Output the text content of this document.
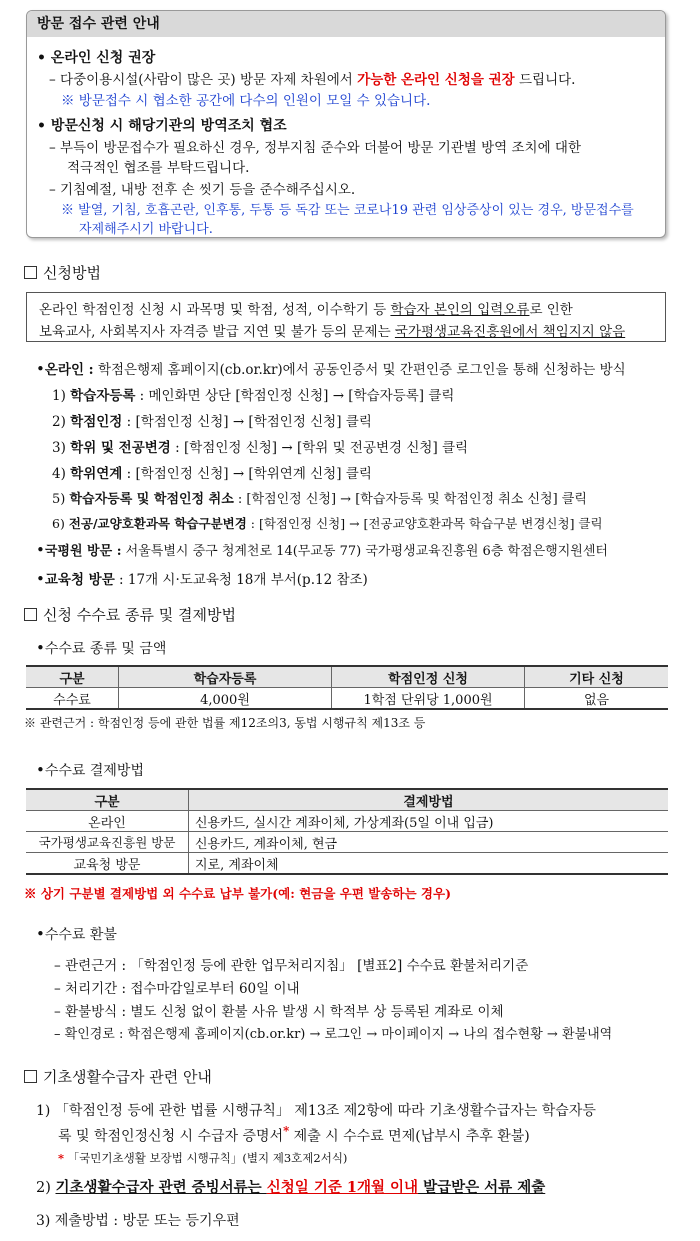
방문 접수 관련 안내
• 온라인 신청 권장
– 다중이용시설(사람이 많은 곳) 방문 자제 차원에서 가능한 온라인 신청을 권장 드립니다.
※ 방문접수 시 협소한 공간에 다수의 인원이 모일 수 있습니다.
• 방문신청 시 해당기관의 방역조치 협조
– 부득이 방문접수가 필요하신 경우, 정부지침 준수와 더불어 방문 기관별 방역 조치에 대한
적극적인 협조를 부탁드립니다.
– 기침예절, 내방 전후 손 씻기 등을 준수해주십시오.
※ 발열, 기침, 호흡곤란, 인후통, 두통 등 독감 또는 코로나19 관련 임상증상이 있는 경우, 방문접수를
자제해주시기 바랍니다.
신청방법
온라인 학점인정 신청 시 과목명 및 학점, 성적, 이수학기 등 학습자 본인의 입력오류로 인한
보육교사, 사회복지사 자격증 발급 지연 및 불가 등의 문제는 국가평생교육진흥원에서 책임지지 않음
•온라인 : 학점은행제 홈페이지(cb.or.kr)에서 공동인증서 및 간편인증 로그인을 통해 신청하는 방식
1) 학습자등록 : 메인화면 상단 [학점인정 신청] → [학습자등록] 클릭
2) 학점인정 : [학점인정 신청] → [학점인정 신청] 클릭
3) 학위 및 전공변경 : [학점인정 신청] → [학위 및 전공변경 신청] 클릭
4) 학위연계 : [학점인정 신청] → [학위연계 신청] 클릭
5) 학습자등록 및 학점인정 취소 : [학점인정 신청] → [학습자등록 및 학점인정 취소 신청] 클릭
6) 전공/교양호환과목 학습구분변경 : [학점인정 신청] → [전공교양호환과목 학습구분 변경신청] 클릭
•국평원 방문 : 서울특별시 중구 청계천로 14(무교동 77) 국가평생교육진흥원 6층 학점은행지원센터
•교육청 방문 : 17개 시·도교육청 18개 부서(p.12 참조)
신청 수수료 종류 및 결제방법
•수수료 종류 및 금액
구분	학습자등록	학점인정 신청	기타 신청
수수료	4,000원	1학점 단위당 1,000원	없음
※ 관련근거 : 학점인정 등에 관한 법률 제12조의3, 동법 시행규칙 제13조 등
•수수료 결제방법
구분	결제방법
온라인	신용카드, 실시간 계좌이체, 가상계좌(5일 이내 입금)
국가평생교육진흥원 방문	신용카드, 계좌이체, 현금
교육청 방문	지로, 계좌이체
※ 상기 구분별 결제방법 외 수수료 납부 불가(예: 현금을 우편 발송하는 경우)
•수수료 환불
– 관련근거 : 「학점인정 등에 관한 업무처리지침」 [별표2] 수수료 환불처리기준
– 처리기간 : 접수마감일로부터 60일 이내
– 환불방식 : 별도 신청 없이 환불 사유 발생 시 학적부 상 등록된 계좌로 이체
– 확인경로 : 학점은행제 홈페이지(cb.or.kr) → 로그인 → 마이페이지 → 나의 접수현황 → 환불내역
기초생활수급자 관련 안내
1) 「학점인정 등에 관한 법률 시행규칙」 제13조 제2항에 따라 기초생활수급자는 학습자등
록 및 학점인정신청 시 수급자 증명서* 제출 시 수수료 면제(납부시 추후 환불)
* 「국민기초생활 보장법 시행규칙」(별지 제3호제2서식)
2) 기초생활수급자 관련 증빙서류는 신청일 기준 1개월 이내 발급받은 서류 제출
3) 제출방법 : 방문 또는 등기우편
